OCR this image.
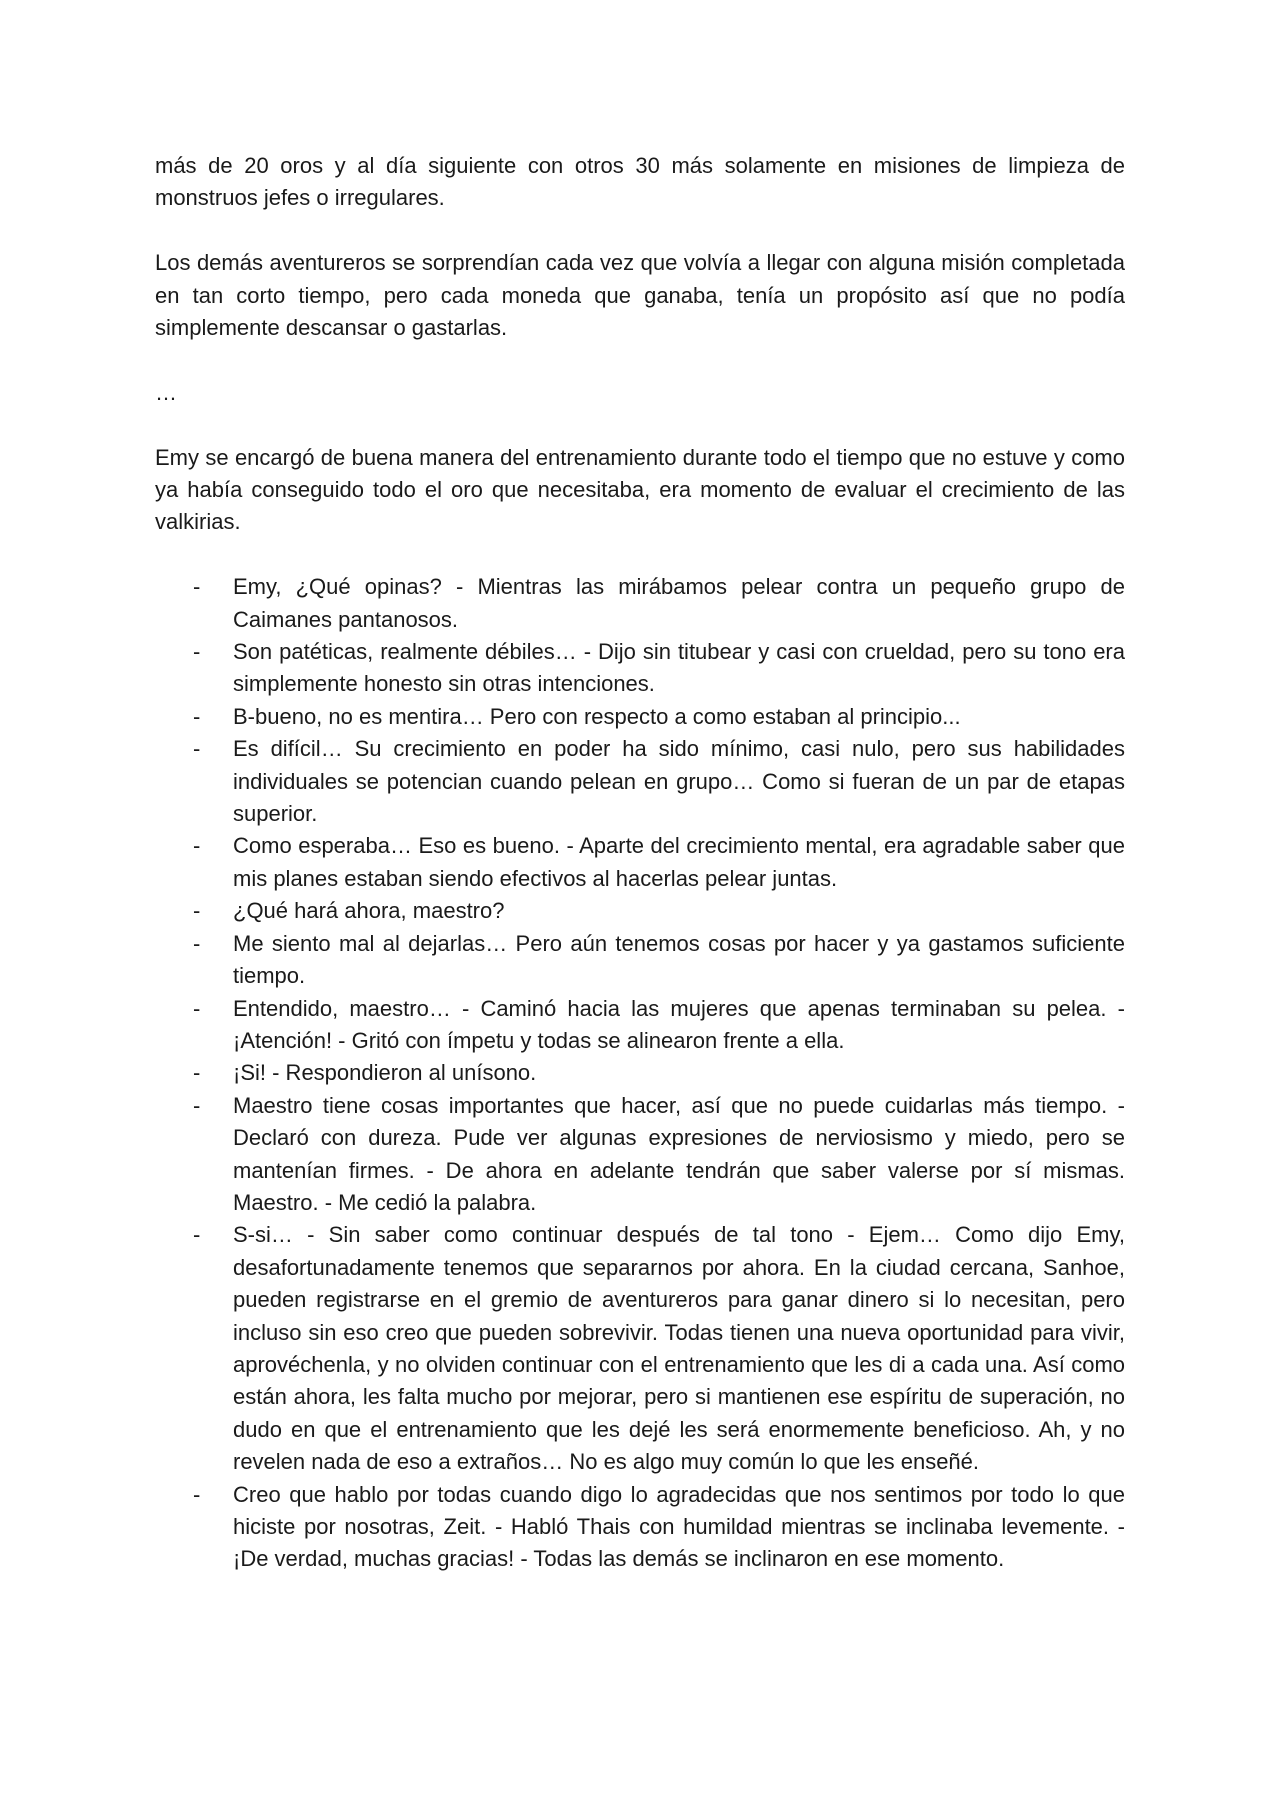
más de 20 oros y al día siguiente con otros 30 más solamente en misiones de limpieza de monstruos jefes o irregulares.

Los demás aventureros se sorprendían cada vez que volvía a llegar con alguna misión completada en tan corto tiempo, pero cada moneda que ganaba, tenía un propósito así que no podía simplemente descansar o gastarlas.

…

Emy se encargó de buena manera del entrenamiento durante todo el tiempo que no estuve y como ya había conseguido todo el oro que necesitaba, era momento de evaluar el crecimiento de las valkirias.

- Emy, ¿Qué opinas? - Mientras las mirábamos pelear contra un pequeño grupo de Caimanes pantanosos.
- Son patéticas, realmente débiles… - Dijo sin titubear y casi con crueldad, pero su tono era simplemente honesto sin otras intenciones.
- B-bueno, no es mentira… Pero con respecto a como estaban al principio...
- Es difícil… Su crecimiento en poder ha sido mínimo, casi nulo, pero sus habilidades individuales se potencian cuando pelean en grupo… Como si fueran de un par de etapas superior.
- Como esperaba… Eso es bueno. - Aparte del crecimiento mental, era agradable saber que mis planes estaban siendo efectivos al hacerlas pelear juntas.
- ¿Qué hará ahora, maestro?
- Me siento mal al dejarlas… Pero aún tenemos cosas por hacer y ya gastamos suficiente tiempo.
- Entendido, maestro… - Caminó hacia las mujeres que apenas terminaban su pelea. - ¡Atención! - Gritó con ímpetu y todas se alinearon frente a ella.
- ¡Si! - Respondieron al unísono.
- Maestro tiene cosas importantes que hacer, así que no puede cuidarlas más tiempo. - Declaró con dureza. Pude ver algunas expresiones de nerviosismo y miedo, pero se mantenían firmes. - De ahora en adelante tendrán que saber valerse por sí mismas. Maestro. - Me cedió la palabra.
- S-si… - Sin saber como continuar después de tal tono - Ejem… Como dijo Emy, desafortunadamente tenemos que separarnos por ahora. En la ciudad cercana, Sanhoe, pueden registrarse en el gremio de aventureros para ganar dinero si lo necesitan, pero incluso sin eso creo que pueden sobrevivir. Todas tienen una nueva oportunidad para vivir, aprovéchenla, y no olviden continuar con el entrenamiento que les di a cada una. Así como están ahora, les falta mucho por mejorar, pero si mantienen ese espíritu de superación, no dudo en que el entrenamiento que les dejé les será enormemente beneficioso. Ah, y no revelen nada de eso a extraños… No es algo muy común lo que les enseñé.
- Creo que hablo por todas cuando digo lo agradecidas que nos sentimos por todo lo que hiciste por nosotras, Zeit. - Habló Thais con humildad mientras se inclinaba levemente. - ¡De verdad, muchas gracias! - Todas las demás se inclinaron en ese momento.
